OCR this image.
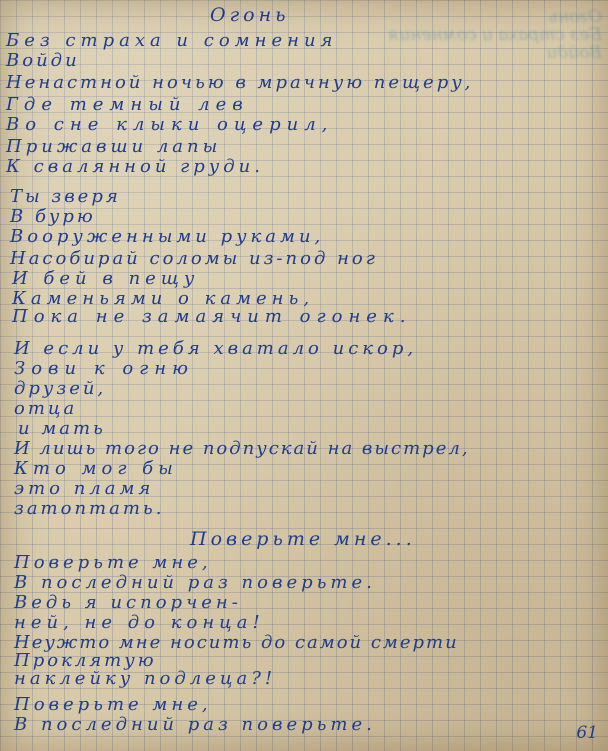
Огонь
Без страха и сомнения
Войди
Огонь
Без страха и сомнения
Войди
Ненастной ночью в мрачную пещеру,
Где темный лев
Во сне клыки оцерил,
Прижавши лапы
К свалянной груди.
Ты зверя
В бурю
Вооруженными руками,
Насобирай соломы из-под ног
И бей в пещу
Каменьями о камень,
Пока не замаячит огонек.
И если у тебя хватало искор,
Зови к огню
друзей,
отца
и мать
И лишь того не подпускай на выстрел,
Кто мог бы
это пламя
затоптать.
Поверьте мне...
Поверьте мне,
В последний раз поверьте.
Ведь я испорчен-
ней, не до конца!
Неужто мне носить до самой смерти
Проклятую
наклейку подлеца?!
Поверьте мне,
В последний раз поверьте.	61
